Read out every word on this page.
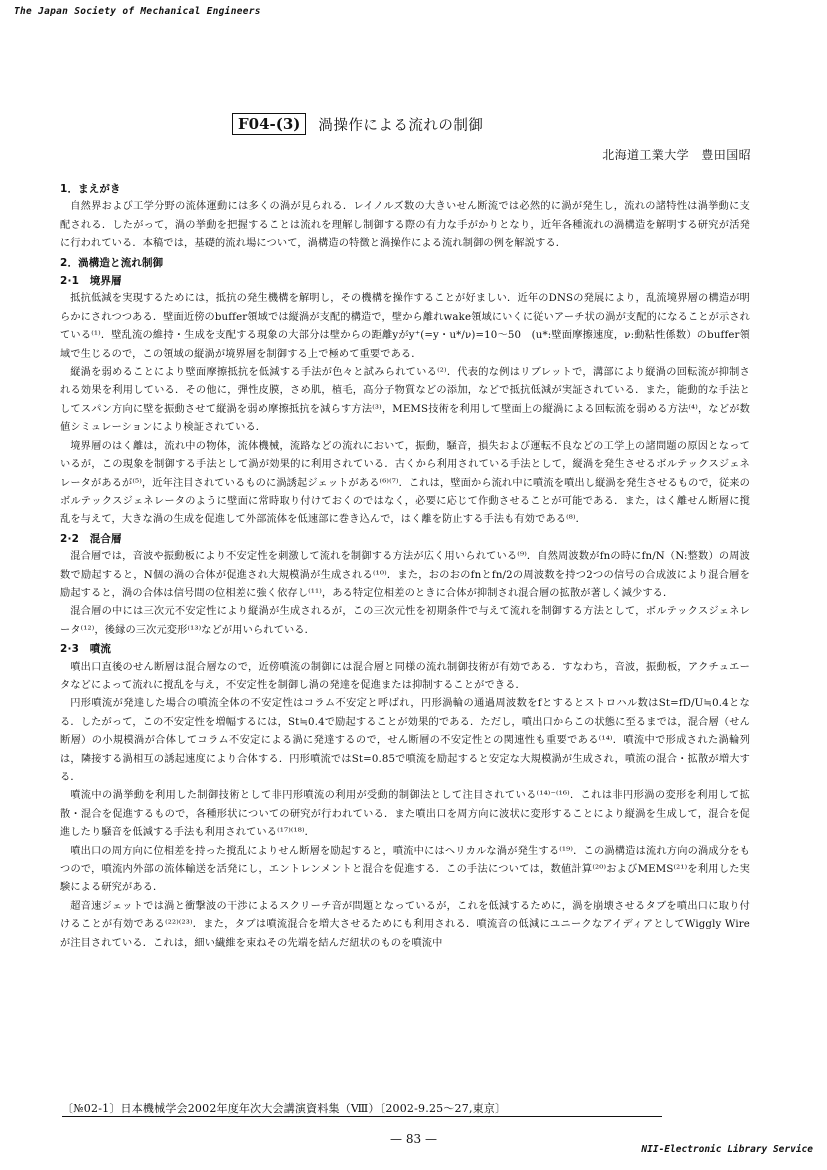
The Japan Society of Mechanical Engineers
F04-(3)	渦操作による流れの制御
北海道工業大学　豊田国昭
1．まえがき

自然界および工学分野の流体運動には多くの渦が見られる．レイノルズ数の大きいせん断流では必然的に渦が発生し，流れの諸特性は渦挙動に支配される．したがって，渦の挙動を把握することは流れを理解し制御する際の有力な手がかりとなり，近年各種流れの渦構造を解明する研究が活発に行われている．本稿では，基礎的流れ場について，渦構造の特徴と渦操作による流れ制御の例を解説する．

2．渦構造と流れ制御
2·1　境界層

抵抗低減を実現するためには，抵抗の発生機構を解明し，その機構を操作することが好ましい．近年のDNSの発展により，乱流境界層の構造が明らかにされつつある．壁面近傍のbuffer領域では縦渦が支配的構造で，壁から離れwake領域にいくに従いアーチ状の渦が支配的になることが示されている⁽¹⁾．壁乱流の維持・生成を支配する現象の大部分は壁からの距離yがy⁺(=y・u*/ν)=10～50　(u*:壁面摩擦速度，ν:動粘性係数）のbuffer領域で生じるので，この領域の縦渦が境界層を制御する上で極めて重要である．

縦渦を弱めることにより壁面摩擦抵抗を低減する手法が色々と試みられている⁽²⁾．代表的な例はリブレットで，溝部により縦渦の回転流が抑制される効果を利用している．その他に，弾性皮膜，さめ肌，植毛，高分子物質などの添加，などで抵抗低減が実証されている．また，能動的な手法としてスパン方向に壁を振動させて縦渦を弱め摩擦抵抗を減らす方法⁽³⁾，MEMS技術を利用して壁面上の縦渦による回転流を弱める方法⁽⁴⁾，などが数値シミュレーションにより検証されている．

境界層のはく離は，流れ中の物体，流体機械，流路などの流れにおいて，振動，騒音，損失および運転不良などの工学上の諸問題の原因となっているが，この現象を制御する手法として渦が効果的に利用されている．古くから利用されている手法として，縦渦を発生させるボルテックスジェネレータがあるが⁽⁵⁾，近年注目されているものに渦誘起ジェットがある⁽⁶⁾⁽⁷⁾．これは，壁面から流れ中に噴流を噴出し縦渦を発生させるもので，従来のボルテックスジェネレータのように壁面に常時取り付けておくのではなく，必要に応じて作動させることが可能である．また，はく離せん断層に撹乱を与えて，大きな渦の生成を促進して外部流体を低速部に巻き込んで，はく離を防止する手法も有効である⁽⁸⁾．

2·2　混合層

混合層では，音波や振動板により不安定性を刺激して流れを制御する方法が広く用いられている⁽⁹⁾．自然周波数がfnの時にfn/N（N:整数）の周波数で励起すると，N個の渦の合体が促進され大規模渦が生成される⁽¹⁰⁾．また，おのおのfnとfn/2の周波数を持つ2つの信号の合成波により混合層を励起すると，渦の合体は信号間の位相差に強く依存し⁽¹¹⁾，ある特定位相差のときに合体が抑制され混合層の拡散が著しく減少する．

混合層の中には三次元不安定性により縦渦が生成されるが，この三次元性を初期条件で与えて流れを制御する方法として，ボルテックスジェネレータ⁽¹²⁾，後縁の三次元変形⁽¹³⁾などが用いられている．

2·3　噴流

噴出口直後のせん断層は混合層なので，近傍噴流の制御には混合層と同様の流れ制御技術が有効である．すなわち，音波，振動板，アクチュエータなどによって流れに撹乱を与え，不安定性を制御し渦の発達を促進または抑制することができる．

円形噴流が発達した場合の噴流全体の不安定性はコラム不安定と呼ばれ，円形渦輪の通過周波数をfとするとストロハル数はSt=fD/U≒0.4となる．したがって，この不安定性を増幅するには，St≒0.4で励起することが効果的である．ただし，噴出口からこの状態に至るまでは，混合層（せん断層）の小規模渦が合体してコラム不安定による渦に発達するので，せん断層の不安定性との関連性も重要である⁽¹⁴⁾．噴流中で形成された渦輪列は，隣接する渦相互の誘起速度により合体する．円形噴流ではSt=0.85で噴流を励起すると安定な大規模渦が生成され，噴流の混合・拡散が増大する．

噴流中の渦挙動を利用した制御技術として非円形噴流の利用が受動的制御法として注目されている⁽¹⁴⁾⁻⁽¹⁶⁾．これは非円形渦の変形を利用して拡散・混合を促進するもので，各種形状についての研究が行われている．また噴出口を周方向に波状に変形することにより縦渦を生成して，混合を促進したり騒音を低減する手法も利用されている⁽¹⁷⁾⁽¹⁸⁾．

噴出口の周方向に位相差を持った撹乱によりせん断層を励起すると，噴流中にはヘリカルな渦が発生する⁽¹⁹⁾．この渦構造は流れ方向の渦成分をもつので，噴流内外部の流体輸送を活発にし，エントレンメントと混合を促進する．この手法については，数値計算⁽²⁰⁾およびMEMS⁽²¹⁾を利用した実験による研究がある．

超音速ジェットでは渦と衝撃波の干渉によるスクリーチ音が問題となっているが，これを低減するために，渦を崩壊させるタブを噴出口に取り付けることが有効である⁽²²⁾⁽²³⁾．また，タブは噴流混合を増大させるためにも利用される．噴流音の低減にユニークなアイディアとしてWiggly Wireが注目されている．これは，細い繊維を束ねその先端を結んだ紐状のものを噴流中

〔№02-1〕日本機械学会2002年度年次大会講演資料集（Ⅷ）〔2002-9.25～27,東京〕
— 83 —
NII-Electronic Library Service
